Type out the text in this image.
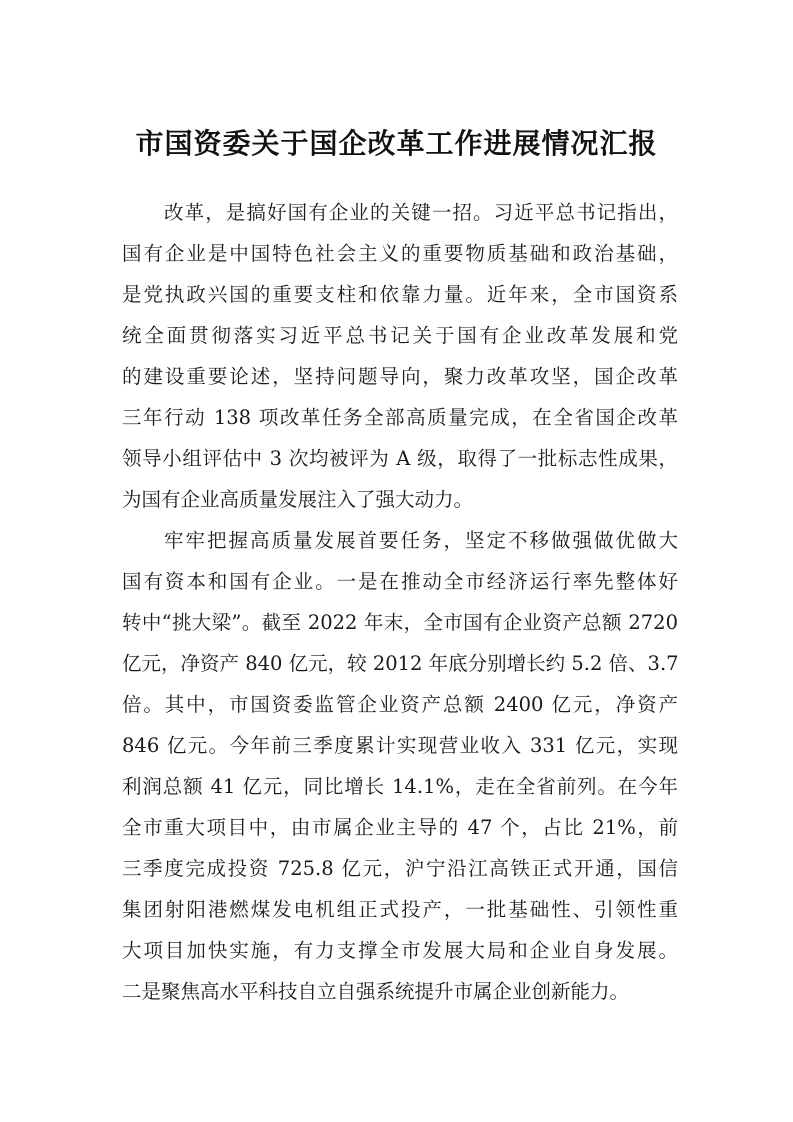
市国资委关于国企改革工作进展情况汇报
改革，是搞好国有企业的关键一招。习近平总书记指出，
国有企业是中国特色社会主义的重要物质基础和政治基础，
是党执政兴国的重要支柱和依靠力量。近年来，全市国资系
统全面贯彻落实习近平总书记关于国有企业改革发展和党
的建设重要论述，坚持问题导向，聚力改革攻坚，国企改革
三年行动 138 项改革任务全部高质量完成，在全省国企改革
领导小组评估中 3 次均被评为 A 级，取得了一批标志性成果，
为国有企业高质量发展注入了强大动力。
牢牢把握高质量发展首要任务，坚定不移做强做优做大
国有资本和国有企业。一是在推动全市经济运行率先整体好
转中“挑大梁”。截至 2022 年末，全市国有企业资产总额 2720
亿元，净资产 840 亿元，较 2012 年底分别增长约 5.2 倍、3.7
倍。其中，市国资委监管企业资产总额 2400 亿元，净资产
846 亿元。今年前三季度累计实现营业收入 331 亿元，实现
利润总额 41 亿元，同比增长 14.1%，走在全省前列。在今年
全市重大项目中，由市属企业主导的 47 个，占比 21%，前
三季度完成投资 725.8 亿元，沪宁沿江高铁正式开通，国信
集团射阳港燃煤发电机组正式投产，一批基础性、引领性重
大项目加快实施，有力支撑全市发展大局和企业自身发展。
二是聚焦高水平科技自立自强系统提升市属企业创新能力。
